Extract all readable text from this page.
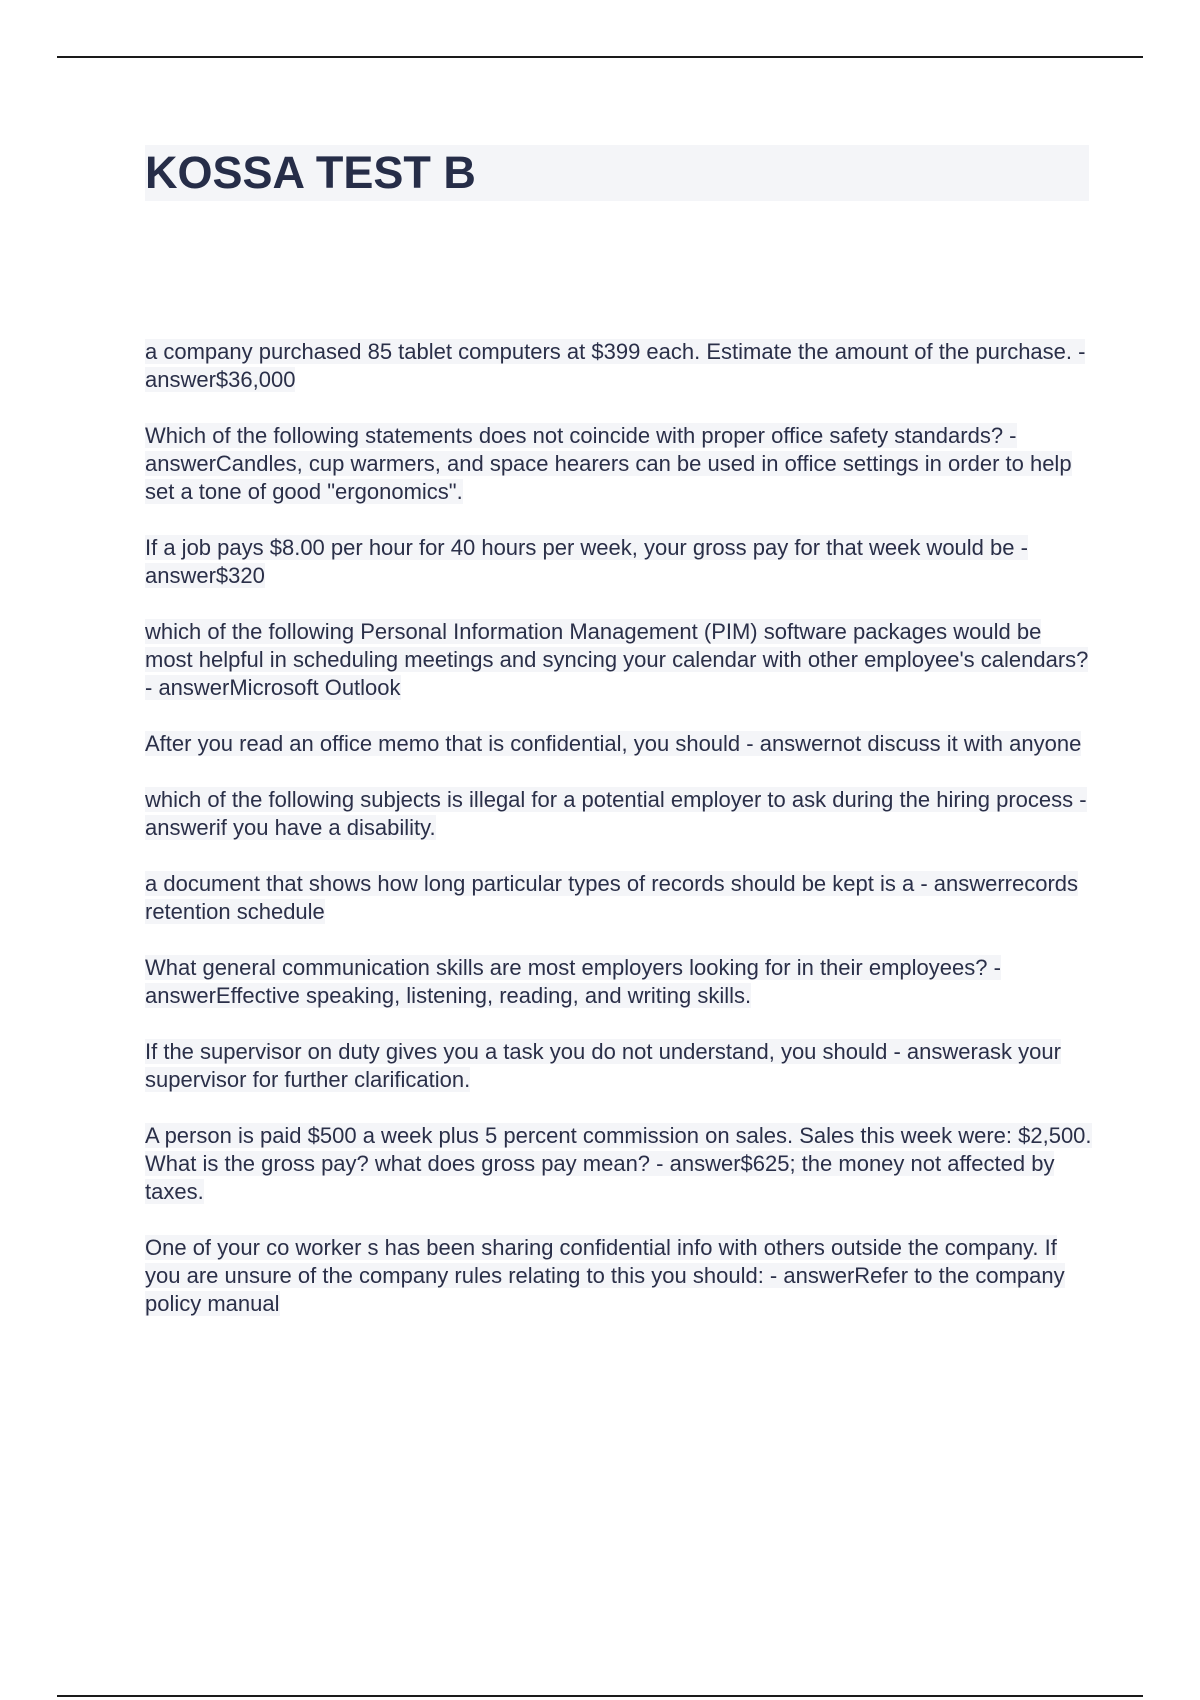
KOSSA TEST B

a company purchased 85 tablet computers at $399 each. Estimate the amount of the purchase. - answer$36,000

Which of the following statements does not coincide with proper office safety standards? - answerCandles, cup warmers, and space hearers can be used in office settings in order to help set a tone of good "ergonomics".

If a job pays $8.00 per hour for 40 hours per week, your gross pay for that week would be - answer$320

which of the following Personal Information Management (PIM) software packages would be most helpful in scheduling meetings and syncing your calendar with other employee's calendars? - answerMicrosoft Outlook

After you read an office memo that is confidential, you should - answernot discuss it with anyone

which of the following subjects is illegal for a potential employer to ask during the hiring process - answerif you have a disability.

a document that shows how long particular types of records should be kept is a - answerrecords retention schedule

What general communication skills are most employers looking for in their employees? - answerEffective speaking, listening, reading, and writing skills.

If the supervisor on duty gives you a task you do not understand, you should - answerask your supervisor for further clarification.

A person is paid $500 a week plus 5 percent commission on sales. Sales this week were: $2,500. What is the gross pay? what does gross pay mean? - answer$625; the money not affected by taxes.

One of your co worker s has been sharing confidential info with others outside the company. If you are unsure of the company rules relating to this you should: - answerRefer to the company policy manual
